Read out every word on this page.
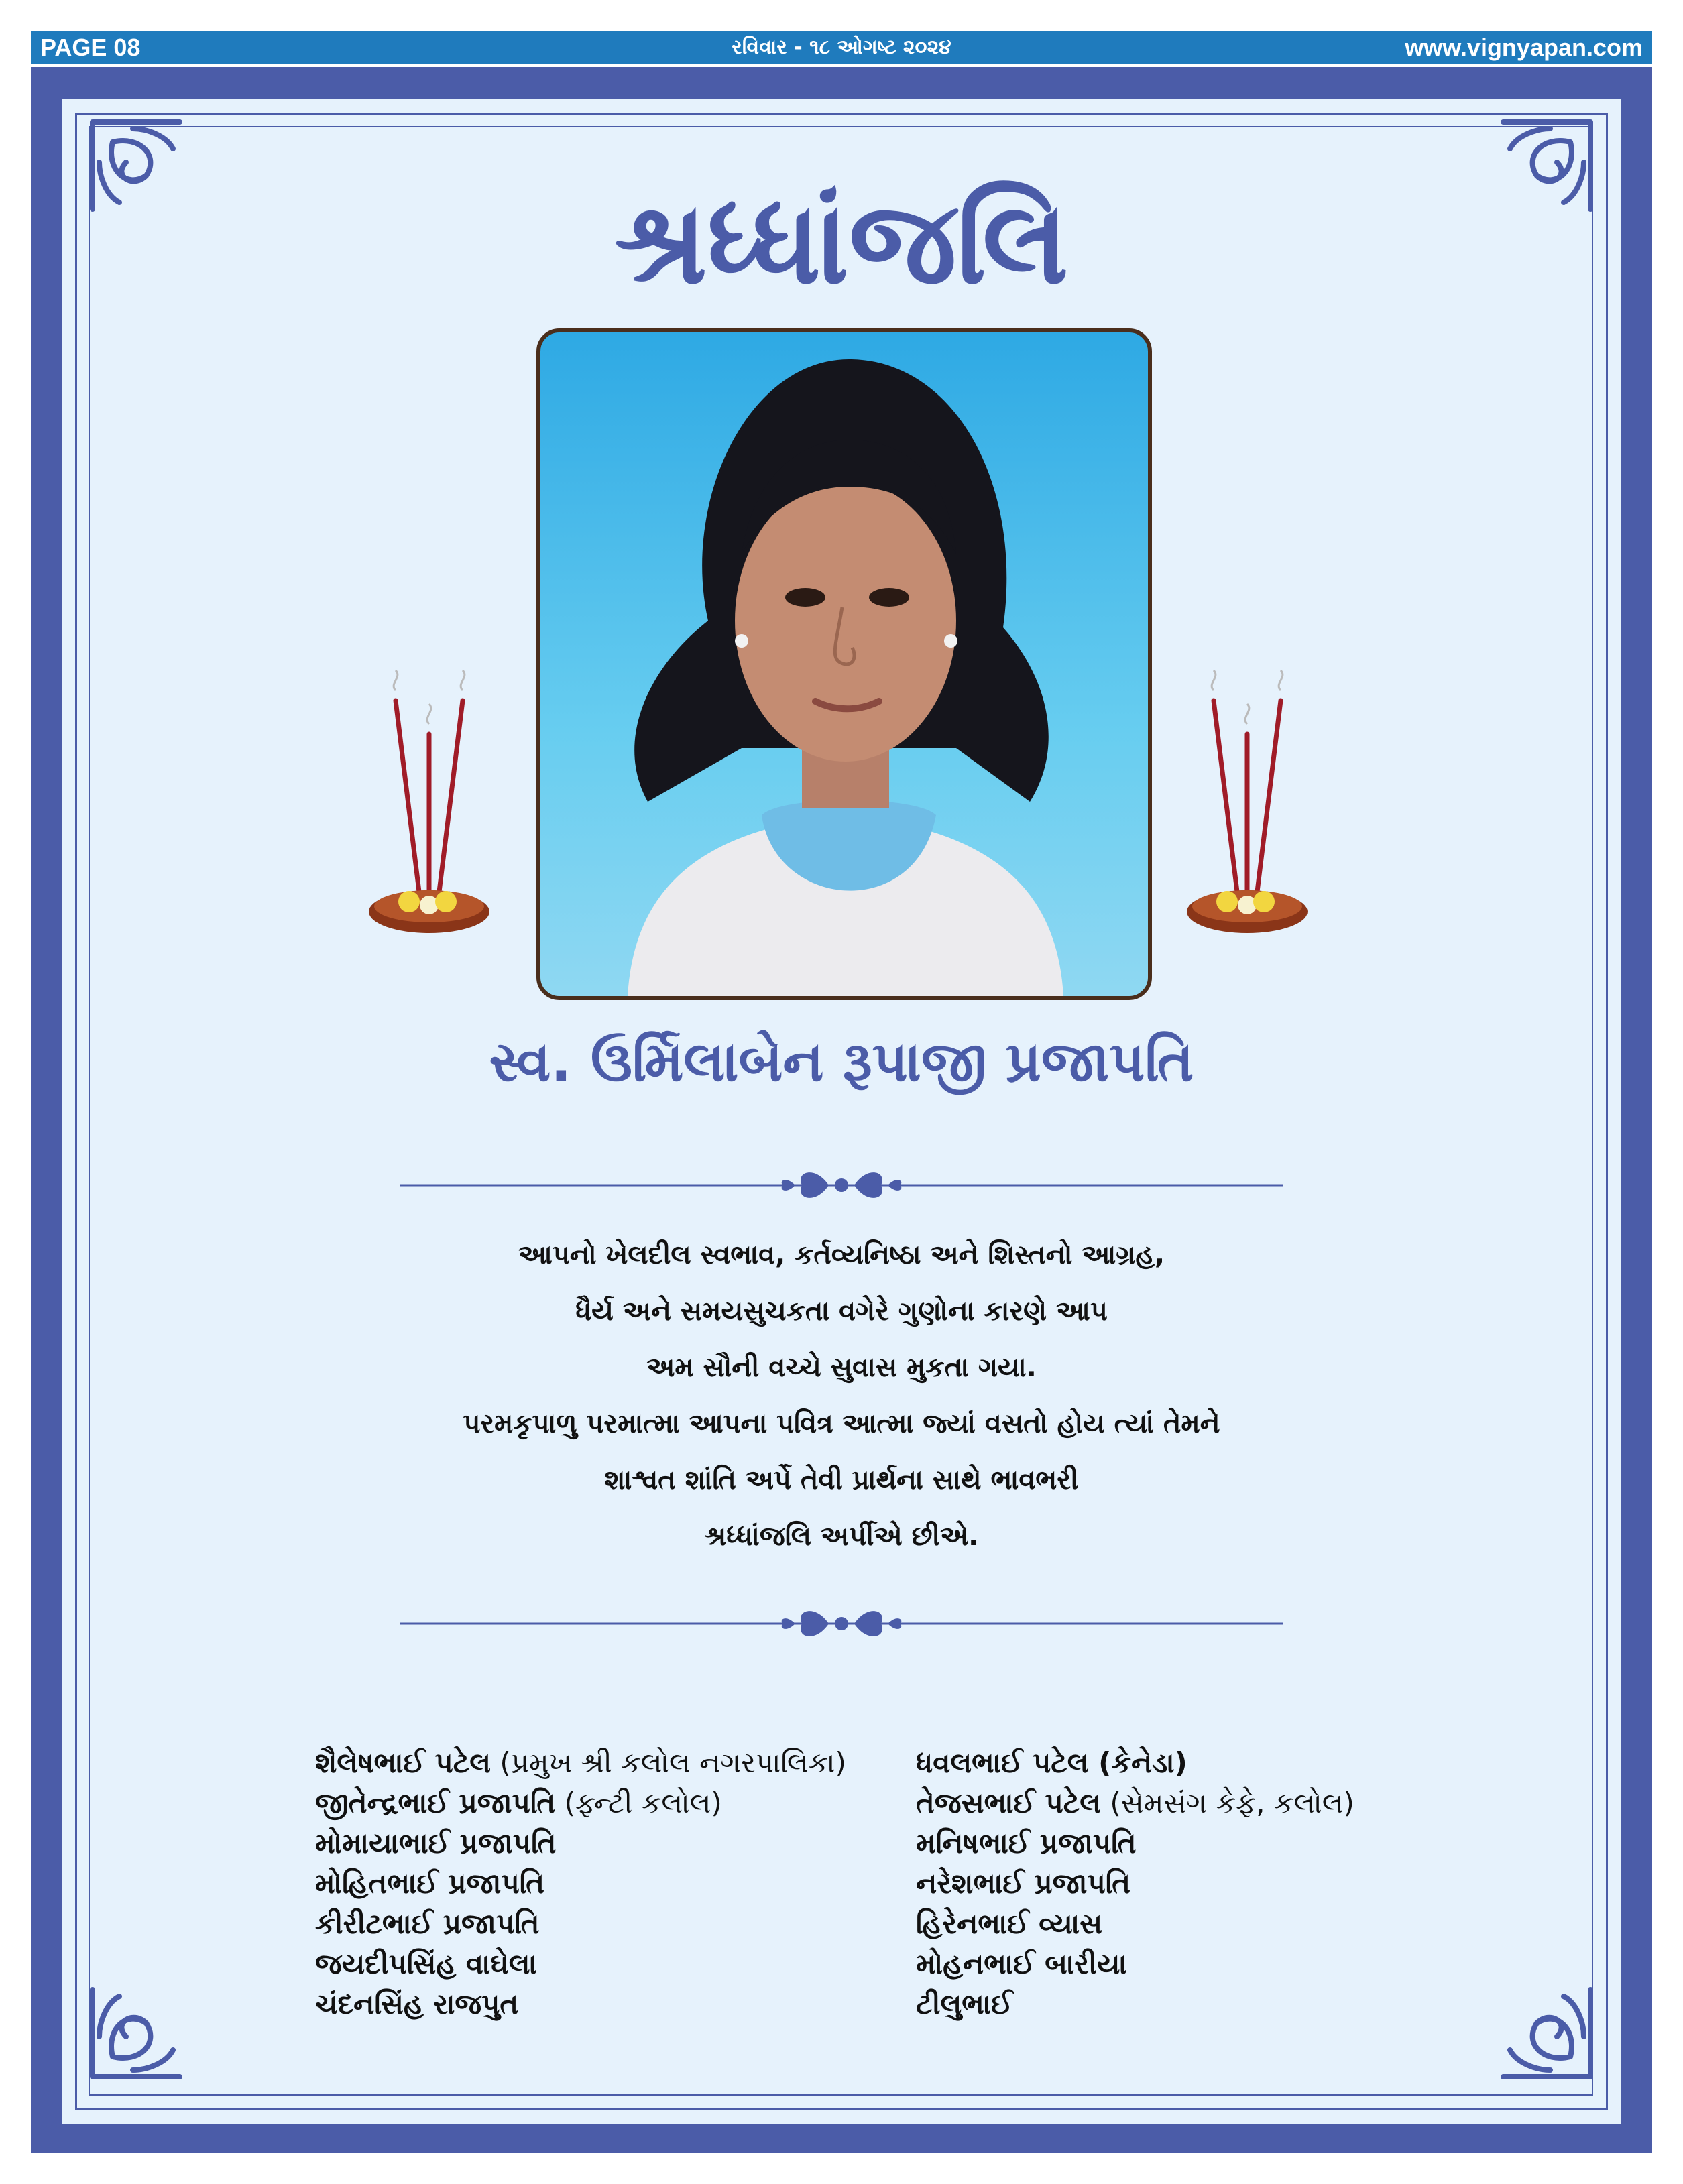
PAGE 08	રવિવાર - ૧૮ ઓગષ્ટ ૨૦૨૪	www.vignyapan.com
શ્રધ્ધાંજલિ
સ્વ. ઉર્મિલાબેન રૂપાજી પ્રજાપતિ
આપનો ખેલદીલ સ્વભાવ, કર્તવ્યનિષ્ઠા અને શિસ્તનો આગ્રહ,
ધૈર્ય અને સમયસુચકતા વગેરે ગુણોના કારણે આપ
અમ સૌની વચ્ચે સુવાસ મુકતા ગયા.
પરમકૃપાળુ પરમાત્મા આપના પવિત્ર આત્મા જ્યાં વસતો હોય ત્યાં તેમને
શાશ્વત શાંતિ અર્પે તેવી પ્રાર્થના સાથે ભાવભરી
શ્રધ્ધાંજલિ અર્પીએ છીએ.
શૈલેષભાઈ પટેલ (પ્રમુખ શ્રી કલોલ નગરપાલિકા)
જીતેન્દ્રભાઈ પ્રજાપતિ (ફ્ન્ટી કલોલ)
મોમાયાભાઈ પ્રજાપતિ
મોહિતભાઈ પ્રજાપતિ
કીરીટભાઈ પ્રજાપતિ
જયદીપસિંહ વાઘેલા
ચંદનસિંહ રાજપુત
ધવલભાઈ પટેલ (કેનેડા)
તેજસભાઈ પટેલ (સેમસંગ કેફે, કલોલ)
મનિષભાઈ પ્રજાપતિ
નરેશભાઈ પ્રજાપતિ
હિરેનભાઈ વ્યાસ
મોહનભાઈ બારીયા
ટીલુભાઈ
